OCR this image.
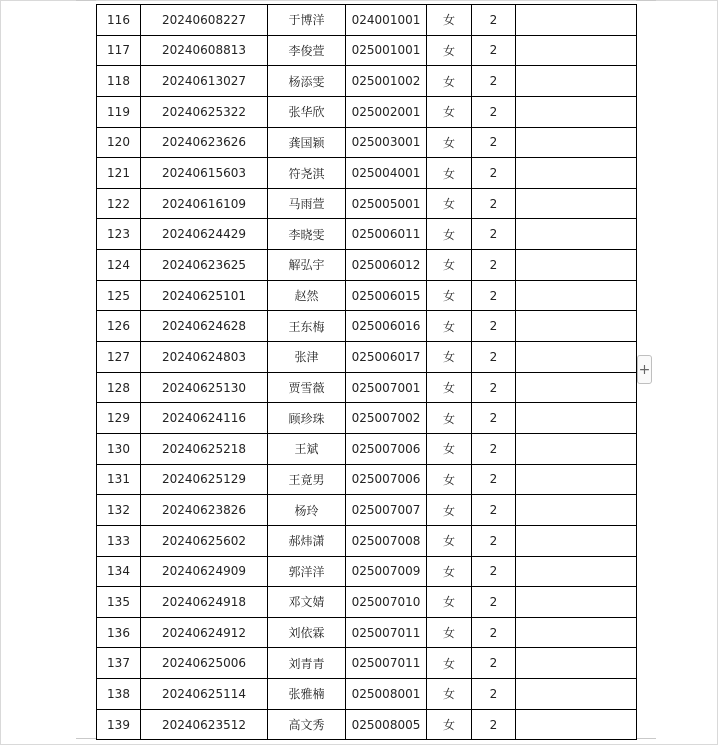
116	20240608227	于博洋	024001001	女	2	
117	20240608813	李俊萱	025001001	女	2	
118	20240613027	杨添雯	025001002	女	2	
119	20240625322	张华欣	025002001	女	2	
120	20240623626	龚国颖	025003001	女	2	
121	20240615603	符尧淇	025004001	女	2	
122	20240616109	马雨萱	025005001	女	2	
123	20240624429	李晓雯	025006011	女	2	
124	20240623625	解弘宇	025006012	女	2	
125	20240625101	赵然	025006015	女	2	
126	20240624628	王东梅	025006016	女	2	
127	20240624803	张津	025006017	女	2	
128	20240625130	贾雪薇	025007001	女	2	
129	20240624116	顾珍珠	025007002	女	2	
130	20240625218	王斌	025007006	女	2	
131	20240625129	王竟男	025007006	女	2	
132	20240623826	杨玲	025007007	女	2	
133	20240625602	郝炜潇	025007008	女	2	
134	20240624909	郭洋洋	025007009	女	2	
135	20240624918	邓文婧	025007010	女	2	
136	20240624912	刘依霖	025007011	女	2	
137	20240625006	刘青青	025007011	女	2	
138	20240625114	张雅楠	025008001	女	2	
139	20240623512	高文秀	025008005	女	2	
+
